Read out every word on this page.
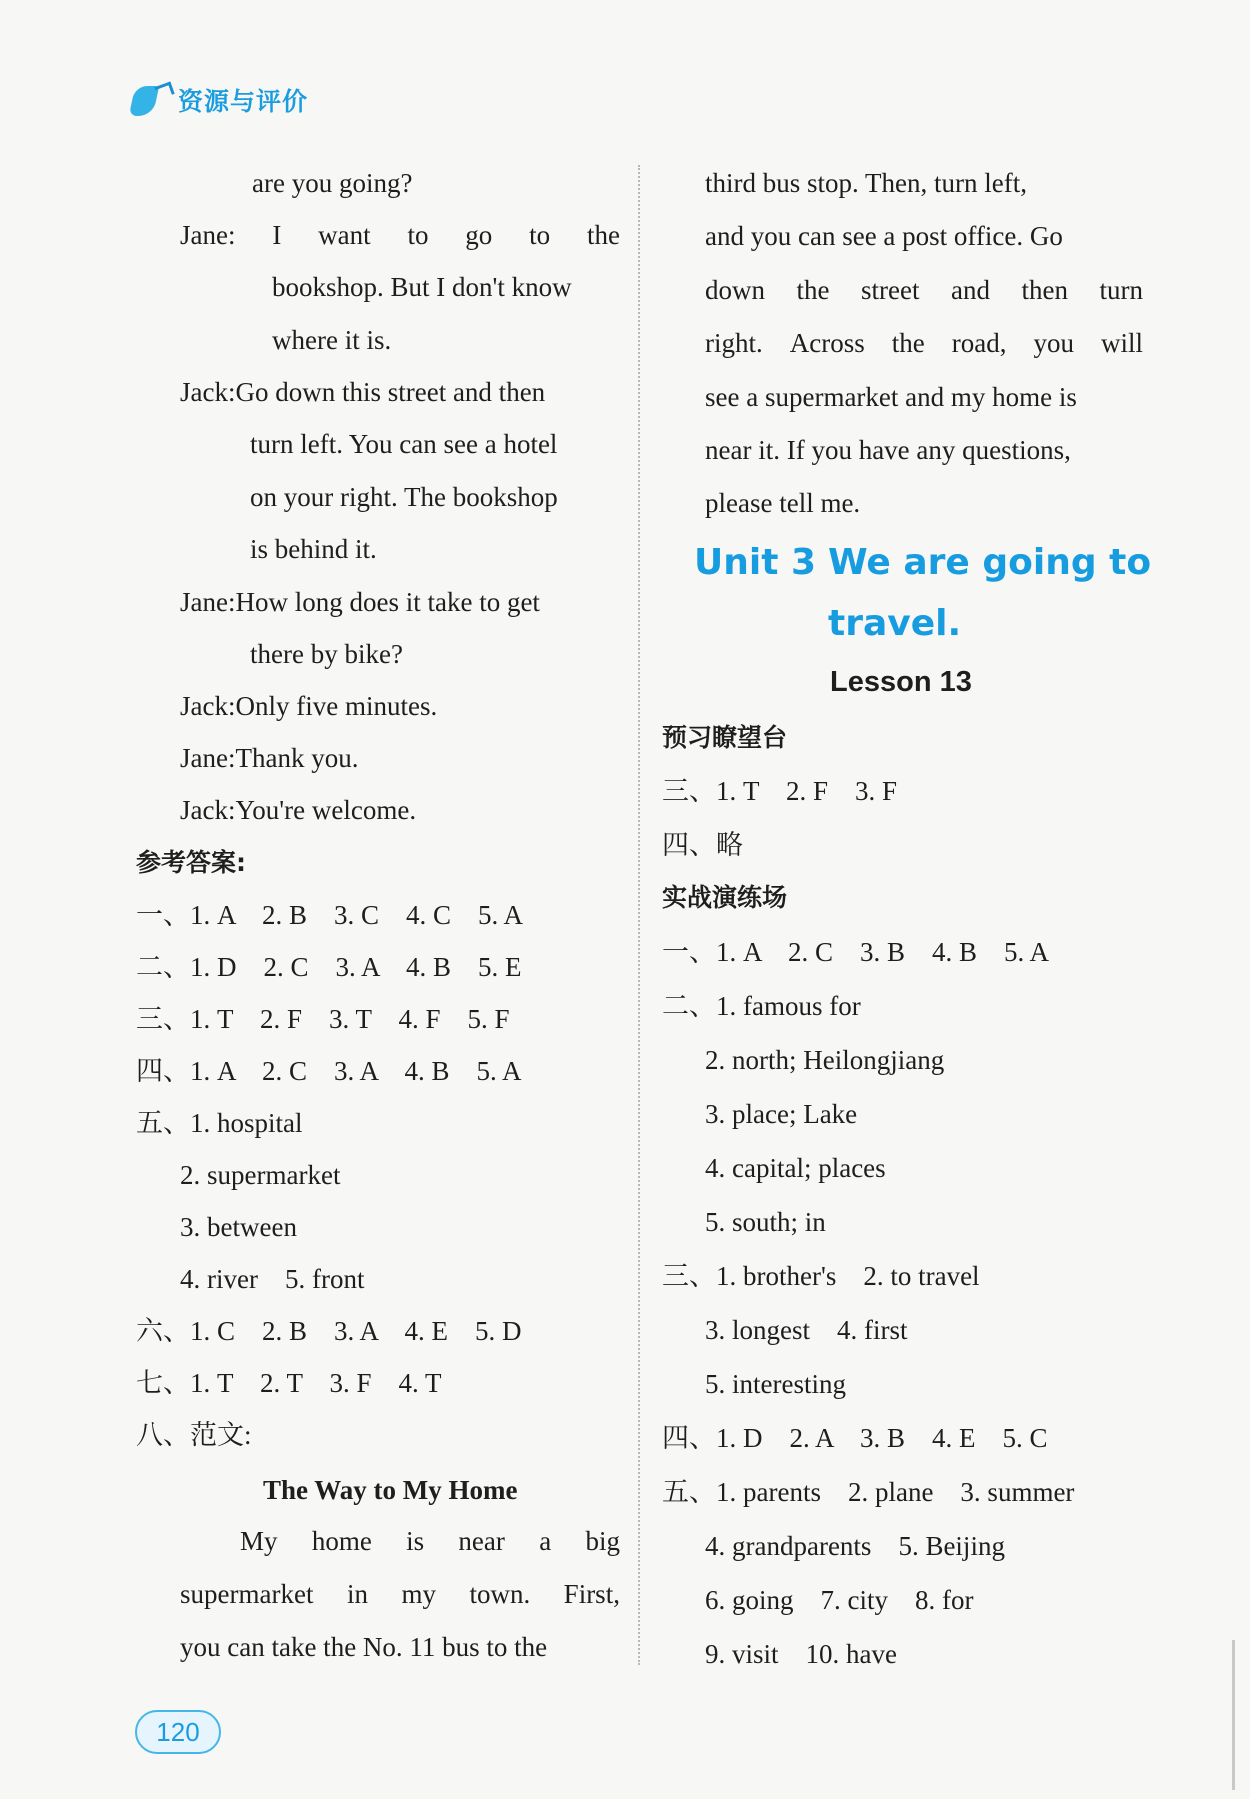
资源与评价
are you going?
Jane: I want to go to the
bookshop. But I don't know
where it is.
Jack:Go down this street and then
turn left. You can see a hotel
on your right. The bookshop
is behind it.
Jane:How long does it take to get
there by bike?
Jack:Only five minutes.
Jane:Thank you.
Jack:You're welcome.
参考答案:
一、1. A　2. B　3. C　4. C　5. A
二、1. D　2. C　3. A　4. B　5. E
三、1. T　2. F　3. T　4. F　5. F
四、1. A　2. C　3. A　4. B　5. A
五、1. hospital
2. supermarket
3. between
4. river　5. front
六、1. C　2. B　3. A　4. E　5. D
七、1. T　2. T　3. F　4. T
八、范文:
The Way to My Home
My home is near a big
supermarket in my town. First,
you can take the No. 11 bus to the
third bus stop. Then, turn left,
and you can see a post office. Go
down the street and then turn
right. Across the road, you will
see a supermarket and my home is
near it. If you have any questions,
please tell me.
Unit 3 We are going to
travel.
Lesson 13
预习瞭望台
三、1. T　2. F　3. F
四、略
实战演练场
一、1. A　2. C　3. B　4. B　5. A
二、1. famous for
2. north; Heilongjiang
3. place; Lake
4. capital; places
5. south; in
三、1. brother's　2. to travel
3. longest　4. first
5. interesting
四、1. D　2. A　3. B　4. E　5. C
五、1. parents　2. plane　3. summer
4. grandparents　5. Beijing
6. going　7. city　8. for
9. visit　10. have
120
